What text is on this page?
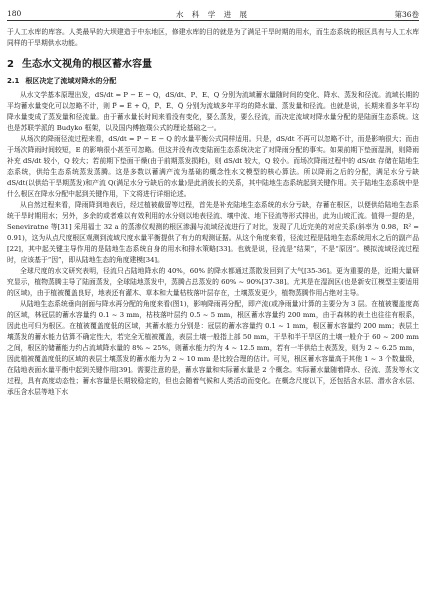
180	水 科 学 进 展	第36卷

于人工水库的库容。人类最早的大坝建造于中东地区，修建水库的目的就是为了满足干旱时期的用水，而生态系统的根区具有与人工水库同样的干旱期供水功能。

2 生态水文视角的根区蓄水容量
2.1 根区决定了流域对降水的分配

从水文学基本原理出发，dS/dt = P − E − Q，dS/dt、P、E、Q 分别为流域蓄水量随时间的变化、降水、蒸发和径流。流域长期的平均蓄水量变化可以忽略不计，则 P̅ = E̅ + Q̅，P̅、E̅、Q̅ 分别为流域多年平均的降水量、蒸发量和径流。也就是说，长期来看多年平均降水量变成了蒸发量和径流量。由于蓄水量长时间来看没有变化，要么蒸发，要么径流，而决定流域对降水量分配的是陆面生态系统。这也是苏联学派的 Budyko 框架，以及国内傅抱璞公式的理论基础之一。

从场次的降雨径流过程来看，dS/dt = P − E − Q 的水量平衡公式同样适用。只是，dS/dt 不再可以忽略不计，而是影响很大；而由于场次降雨时间较短，E 的影响很小甚至可忽略。但这并没有改变陆面生态系统决定了对降雨分配的事实。如果前期下垫面湿润，则降雨补充 dS/dt 较小，Q 较大；若前期下垫面干燥(由于前期蒸发损耗)，则 dS/dt 较大，Q 较小。而场次降雨过程中的 dS/dt 存储在陆地生态系统，供给生态系统蒸发蒸腾。这是多数以蓄满产流为基础的概念性水文模型的核心算法。所以降雨之后的分配，满足水分亏缺 dS/dt(以供给干旱期蒸发)和产流 Q(满足水分亏缺后的水量)是此消彼长的关系，其中陆地生态系统起到关键作用。关于陆地生态系统中是什么根区在降水分配中起到关键作用，下文将进行详细论述。

从自然过程来看，降雨降到地表后，经过植被截留等过程，首先是补充陆地生态系统的水分亏缺，存蓄在根区，以便供给陆地生态系统干旱时期用水；另外，多余的或者难以有效利用的水分则以地表径流、壤中流、地下径流等形式排出，此为山坡汇流。值得一提的是，Seneviratne 等[31] 采用福士 32 a 的蒸渗仪观测的根区渗漏与流域径流进行了对比，发现了几近完美的对应关系(斜率为 0.98，R² = 0.91)，这为从点尺度根区观测到流域尺度水量平衡提供了有力的观测证据。从这个角度来看，径流过程是陆地生态系统用水之后的副产品[22]，其中起关键主导作用的是陆地生态系统自身的用水和排水策略[33]。也就是说，径流是“结果”，不是“原因”。模拟流域径流过程时，应该基于“因”，即从陆地生态的角度建模[34]。

全球尺度的水文研究表明，径流只占陆地降水的 40%，60% 的降水都通过蒸散发回到了大气[35-36]。更为重要的是，近期大量研究显示，植物蒸腾主导了陆面蒸发，全球陆地蒸发中，蒸腾占总蒸发的 60% ~ 90%[37-38]。尤其是在湿润区(也是新安江模型主要适用的区域)，由于植被覆盖良好，地表还有灌木、草本和大量枯枝落叶层存在，土壤蒸发更少，植物蒸腾作用占绝对主导。

从陆地生态系统垂向剖面与降水再分配的角度来看(图1)，影响降雨再分配，即产流(或净雨量)计算的主要分为 3 层。在植被覆盖度高的区域，林冠层的蓄水容量约 0.1 ~ 3 mm，枯枝落叶层约 0.5 ~ 5 mm，根区蓄水容量约 200 mm，由于森林的表土也往往有根系，因此也可归为根区。在植被覆盖度低的区域，其蓄水能力分别是：冠层的蓄水容量约 0.1 ~ 1 mm，根区蓄水容量约 200 mm；表层土壤蒸发的蓄水能力估算不确定性大，若完全无植被覆盖，表层土壤一般指上部 50 mm，干旱和半干旱区的土壤一般介于 60 ~ 200 mm 之间，根区的储蓄能力约占流域降水量的 8% ~ 25%，则蓄水能力约为 4 ~ 12.5 mm，若有一半供给土表蒸发，则为 2 ~ 6.25 mm，因此植被覆盖度低的区域的表层土壤蒸发的蓄水能力为 2 ~ 10 mm 是比较合理的估计。可见，根区蓄水容量高于其他 1 ~ 3 个数量级，在陆地表面水量平衡中起到关键作用[39]。需要注意的是，蓄水容量和实际蓄水量是 2 个概念。实际蓄水量随着降水、径流、蒸发等水文过程，具有高度动态性；蓄水容量是长期较稳定的，但也会随着气候和人类活动而变化。在概念尺度以下，还包括含水层、潜水含水层、承压含水层等地下水
